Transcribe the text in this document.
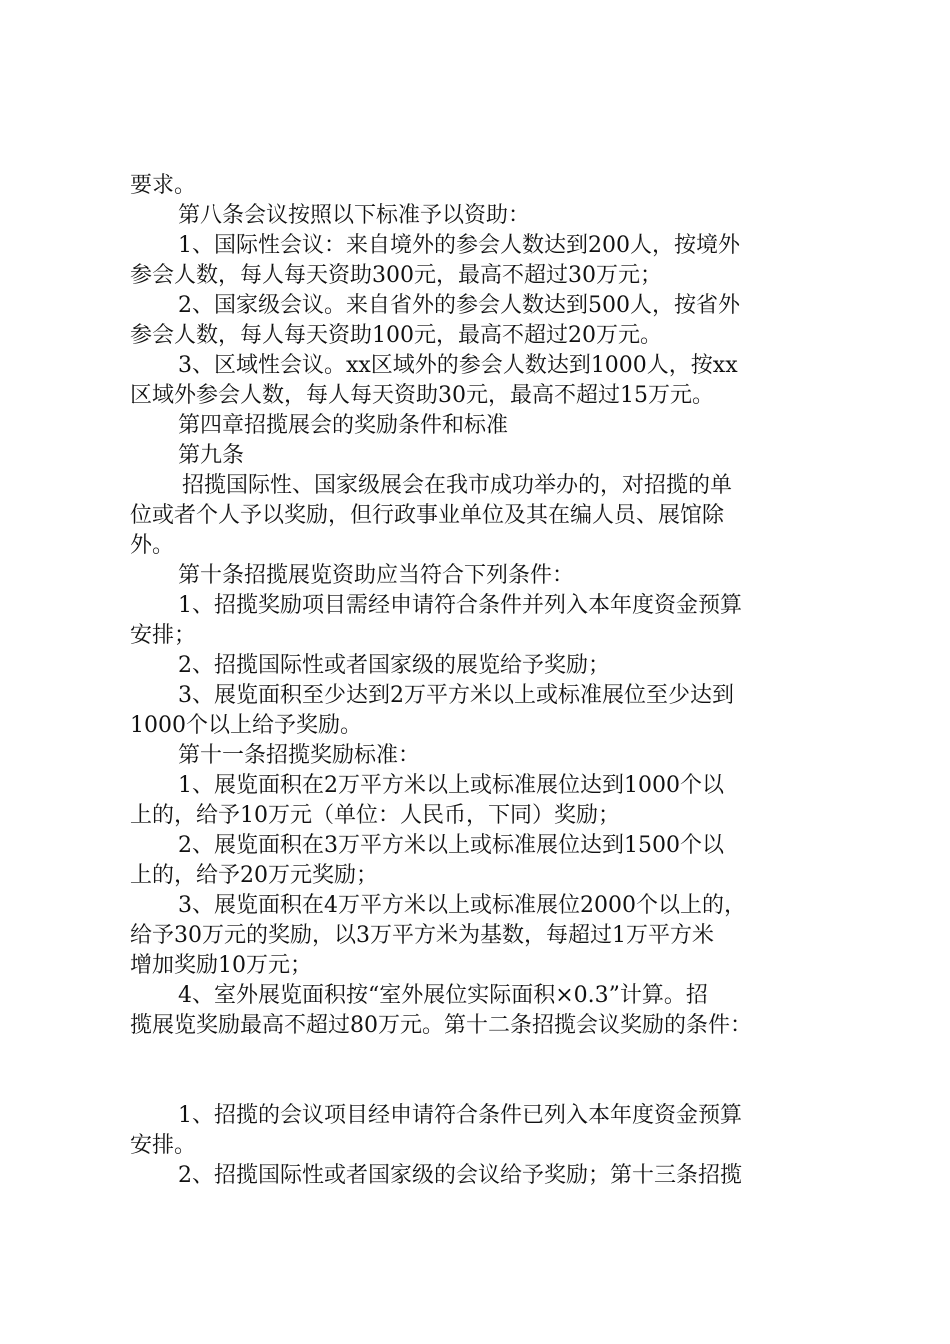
要求。
第八条会议按照以下标准予以资助：
1、国际性会议：来自境外的参会人数达到200人，按境外
参会人数，每人每天资助300元，最高不超过30万元；
2、国家级会议。来自省外的参会人数达到500人，按省外
参会人数，每人每天资助100元，最高不超过20万元。
3、区域性会议。xx区域外的参会人数达到1000人，按xx
区域外参会人数，每人每天资助30元，最高不超过15万元。
第四章招揽展会的奖励条件和标准
第九条
招揽国际性、国家级展会在我市成功举办的，对招揽的单
位或者个人予以奖励，但行政事业单位及其在编人员、展馆除
外。
第十条招揽展览资助应当符合下列条件：
1、招揽奖励项目需经申请符合条件并列入本年度资金预算
安排；
2、招揽国际性或者国家级的展览给予奖励；
3、展览面积至少达到2万平方米以上或标准展位至少达到
1000个以上给予奖励。
第十一条招揽奖励标准：
1、展览面积在2万平方米以上或标准展位达到1000个以
上的，给予10万元（单位：人民币，下同）奖励；
2、展览面积在3万平方米以上或标准展位达到1500个以
上的，给予20万元奖励；
3、展览面积在4万平方米以上或标准展位2000个以上的，
给予30万元的奖励，以3万平方米为基数，每超过1万平方米
增加奖励10万元；
4、室外展览面积按“室外展位实际面积×0.3”计算。招
揽展览奖励最高不超过80万元。第十二条招揽会议奖励的条件：
1、招揽的会议项目经申请符合条件已列入本年度资金预算
安排。
2、招揽国际性或者国家级的会议给予奖励；第十三条招揽
